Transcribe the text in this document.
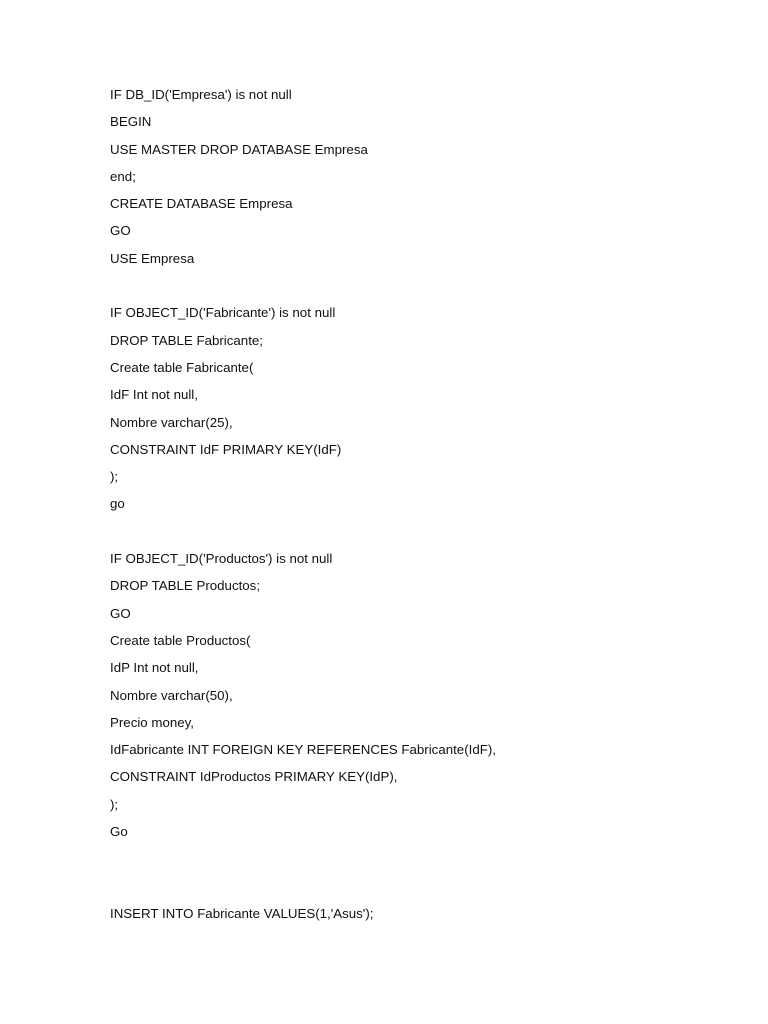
IF DB_ID('Empresa') is not null
BEGIN
USE MASTER DROP DATABASE Empresa
end;
CREATE DATABASE Empresa
GO
USE Empresa
IF OBJECT_ID('Fabricante') is not null
DROP TABLE Fabricante;
Create table Fabricante(
IdF Int not null,
Nombre varchar(25),
CONSTRAINT IdF PRIMARY KEY(IdF)
);
go
IF OBJECT_ID('Productos') is not null
DROP TABLE Productos;
GO
Create table Productos(
IdP Int not null,
Nombre varchar(50),
Precio money,
IdFabricante INT FOREIGN KEY REFERENCES Fabricante(IdF),
CONSTRAINT IdProductos PRIMARY KEY(IdP),
);
Go
INSERT INTO Fabricante VALUES(1,'Asus');
